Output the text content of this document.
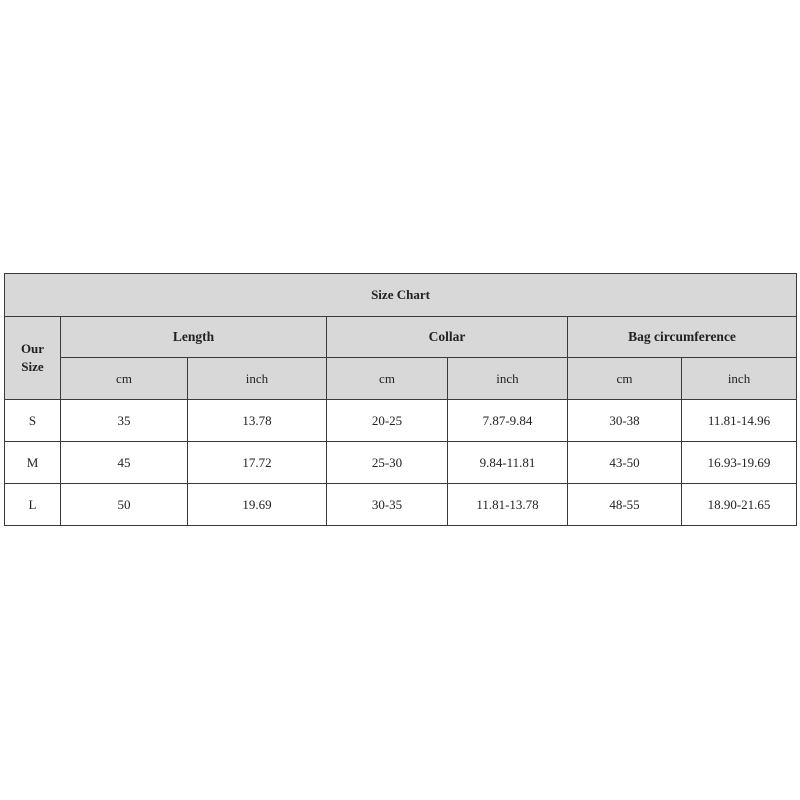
Size Chart						

Our
Size	Length		Collar		Bag circumference	
	cm	inch	cm	inch	cm	inch
S	35	13.78	20-25	7.87-9.84	30-38	11.81-14.96
M	45	17.72	25-30	9.84-11.81	43-50	16.93-19.69
L	50	19.69	30-35	11.81-13.78	48-55	18.90-21.65
